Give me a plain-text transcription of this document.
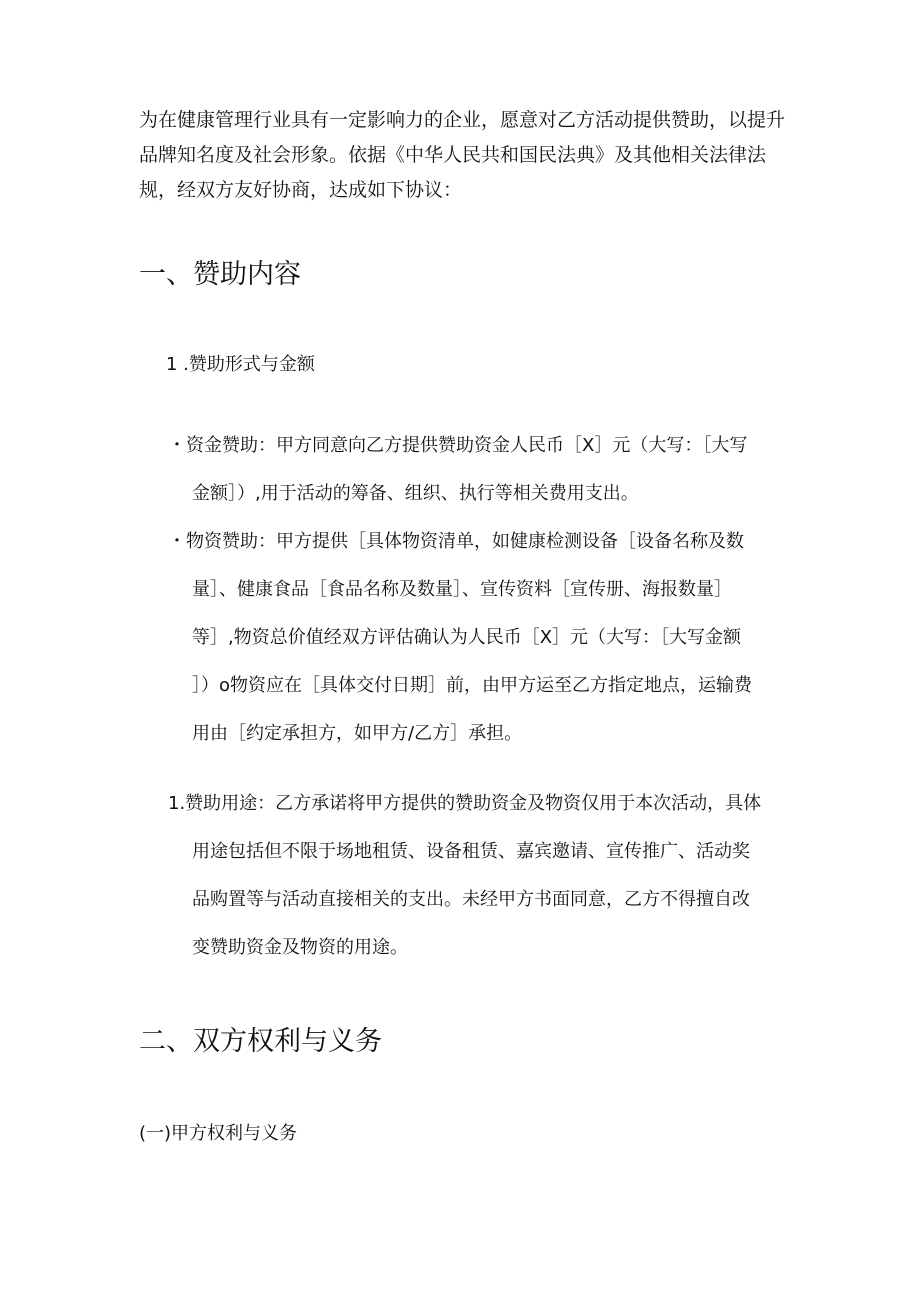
为在健康管理行业具有一定影响力的企业，愿意对乙方活动提供赞助，以提升
品牌知名度及社会形象。依据《中华人民共和国民法典》及其他相关法律法
规，经双方友好协商，达成如下协议：

一、赞助内容

1 .赞助形式与金额

・资金赞助：甲方同意向乙方提供赞助资金人民币［X］元（大写：［大写
金额］）,用于活动的筹备、组织、执行等相关费用支出。

・物资赞助：甲方提供［具体物资清单，如健康检测设备［设备名称及数
量］、健康食品［食品名称及数量］、宣传资料［宣传册、海报数量］
等］,物资总价值经双方评估确认为人民币［X］元（大写：［大写金额
］）o物资应在［具体交付日期］前，由甲方运至乙方指定地点，运输费
用由［约定承担方，如甲方/乙方］承担。

1.赞助用途：乙方承诺将甲方提供的赞助资金及物资仅用于本次活动，具体
用途包括但不限于场地租赁、设备租赁、嘉宾邀请、宣传推广、活动奖
品购置等与活动直接相关的支出。未经甲方书面同意，乙方不得擅自改
变赞助资金及物资的用途。

二、双方权利与义务

(一)甲方权利与义务
